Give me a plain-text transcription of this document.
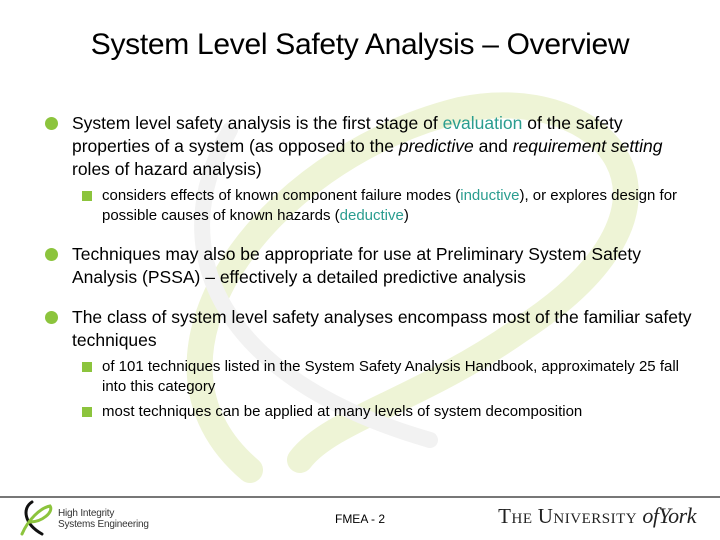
System Level Safety Analysis – Overview
System level safety analysis is the first stage of evaluation of the safety properties of a system (as opposed to the predictive and requirement setting roles of hazard analysis)
considers effects of known component failure modes (inductive), or explores design for possible causes of known hazards (deductive)
Techniques may also be appropriate for use at Preliminary System Safety Analysis (PSSA) – effectively a detailed predictive analysis
The class of system level safety analyses encompass most of the familiar safety techniques
of 101 techniques listed in the System Safety Analysis Handbook, approximately 25 fall into this category
most techniques can be applied at many levels of system decomposition
High Integrity
Systems Engineering	FMEA - 2	THE UNIVERSITY ofYork
